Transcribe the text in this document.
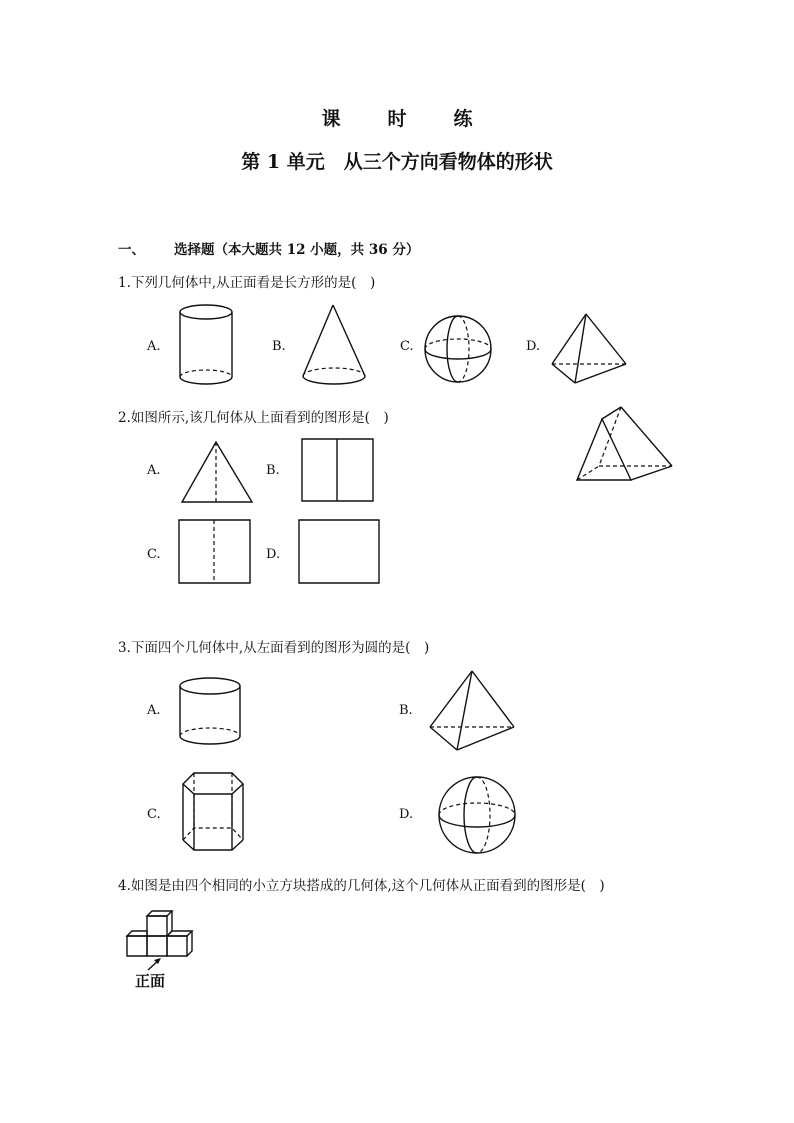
课　时　练
第 1 单元　从三个方向看物体的形状
一、 选择题（本大题共 12 小题，共 36 分）
1.下列几何体中,从正面看是长方形的是(　)
A.	B.	C.	D.
2.如图所示,该几何体从上面看到的图形是(　)
A.	B.
C.	D.
3.下面四个几何体中,从左面看到的图形为圆的是(　)
A.	B.
C.	D.
4.如图是由四个相同的小立方块搭成的几何体,这个几何体从正面看到的图形是(　)
正面
